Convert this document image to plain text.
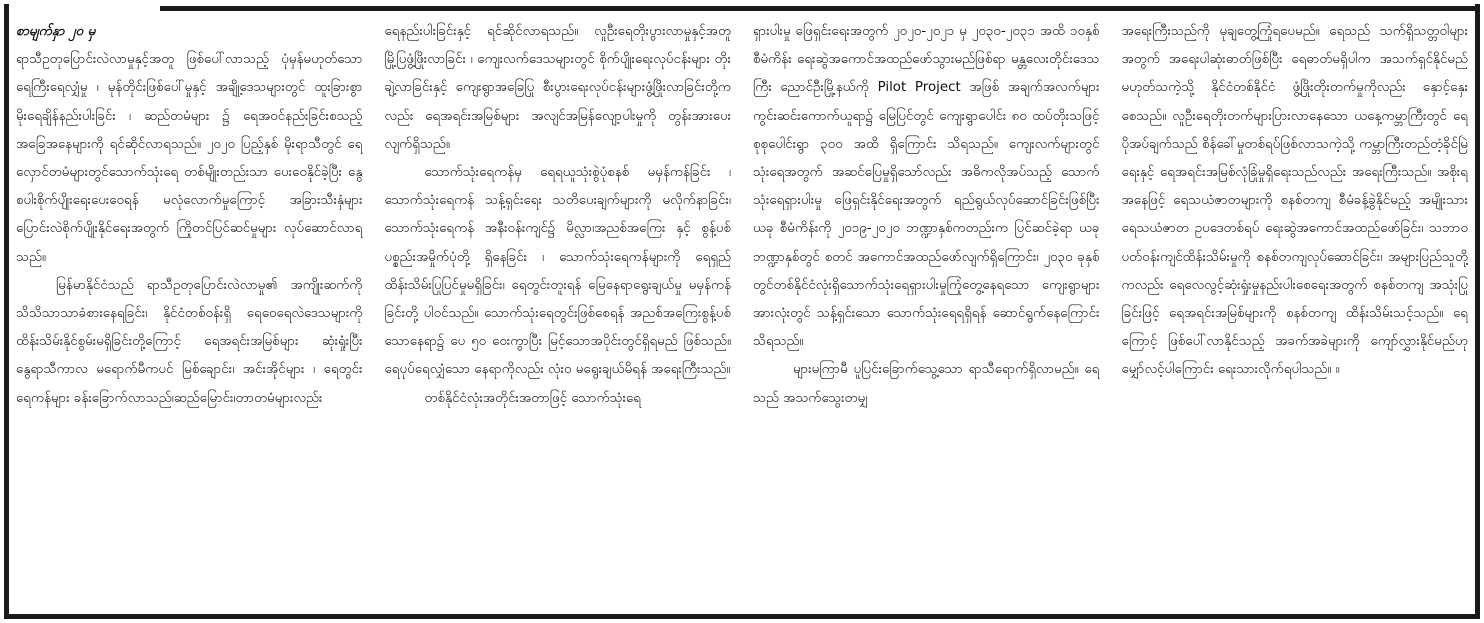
စာမျက်နှာ ၂၀ မှ

ရာသီဥတုပြောင်းလဲလာမှုနှင့်အတူ ဖြစ်ပေါ်လာသည့် ပုံမှန်မဟုတ်သော ရေကြီးရေလျှံမှု ၊ မုန်တိုင်းဖြစ်ပေါ်မှုနှင့် အချို့ဒေသများတွင် ထူးခြားစွာ မိုးရေချိန်နည်းပါးခြင်း ၊ ဆည်တမံများ ၌ ရေအဝင်နည်းခြင်းစသည့်အခြေအနေများကို ရင်ဆိုင်လာရသည်။ ၂၀၂၀ ပြည့်နှစ် မိုးရာသီတွင် ရေလှောင်တမံများတွင်သောက်သုံးရေ တစ်မျိုးတည်းသာ ပေးဝေနိုင်ခဲ့ပြီး နွေစပါးစိုက်ပျိုးရေးပေးဝေရန် မလုံလောက်မှုကြောင့် အခြားသီးနှံများ ပြောင်းလဲစိုက်ပျိုးနိုင်ရေးအတွက် ကြိုတင်ပြင်ဆင်မှုများ လုပ်ဆောင်လာရသည်။

မြန်မာနိုင်ငံသည် ရာသီဥတုပြောင်းလဲလာမှု၏ အကျိုးဆက်ကို သိသိသာသာခံစားနေရခြင်း၊ နိုင်ငံတစ်ဝန်းရှိ ရေဝေရေလဲဒေသများကို ထိန်းသိမ်းနိုင်စွမ်းမရှိခြင်းတို့ကြောင့် ရေအရင်းအမြစ်များ ဆုံးရှုံးပြီး နွေရာသီကာလ မရောက်မီကပင် မြစ်ချောင်း၊ အင်းအိုင်များ ၊ ရေတွင်းရေကန်များ ခန်းခြောက်လာသည်၊ဆည်မြောင်း၊တာတမံများလည်း

ရေနည်းပါးခြင်းနှင့် ရင်ဆိုင်လာရသည်။ လူဦးရေတိုးပွားလာမှုနှင့်အတူ မြို့ပြဖွံ့ဖြိုးလာခြင်း ၊ ကျေးလက်ဒေသများတွင် စိုက်ပျိုးရေးလုပ်ငန်းများ တိုးချဲ့လာခြင်းနှင့် ကျေးရွာအခြေပြု စီးပွားရေးလုပ်ငန်းများဖွံ့ဖြိုးလာခြင်းတို့ကလည်း ရေအရင်းအမြစ်များ အလျင်အမြန်လျော့ပါးမှုကို တွန်းအားပေးလျက်ရှိသည်။

သောက်သုံးရေကန်မှ ရေရယူသုံးစွဲပုံစနစ် မမှန်ကန်ခြင်း ၊ သောက်သုံးရေကန် သန့်ရှင်းရေး သတိပေးချက်များကို မလိုက်နာခြင်း၊ သောက်သုံးရေကန် အနီးဝန်းကျင်၌ မိလ္လာ၊အညစ်အကြေး နှင့် စွန့်ပစ်ပစ္စည်းအမှိုက်ပုံတို့ ရှိနေခြင်း ၊ သောက်သုံးရေကန်များကို ရေရှည်ထိန်းသိမ်းပြုပြင်မှုမရှိခြင်း၊ ရေတွင်းတူးရန် မြေနေရာရွေးချယ်မှု မမှန်ကန်ခြင်းတို့ ပါဝင်သည်။ သောက်သုံးရေတွင်းဖြစ်စေရန် အညစ်အကြေးစွန့်ပစ်သောနေရာ၌ ပေ ၅၀ ဝေးကွာပြီး မြင့်သောအပိုင်းတွင်ရှိရမည် ဖြစ်သည်။ ရေပုပ်ရေလျှံသော နေရာကိုလည်း လုံးဝ မရွေးချယ်မိရန် အရေးကြီးသည်။

တစ်နိုင်ငံလုံးအတိုင်းအတာဖြင့် သောက်သုံးရေ

ရှားပါးမှု ဖြေရှင်းရေးအတွက် ၂၀၂၀-၂၀၂၁ မှ ၂၀၃၀-၂၀၃၁ အထိ ၁၀နှစ်စီမံကိန်း ရေးဆွဲအကောင်အထည်ဖော်သွားမည်ဖြစ်ရာ မန္တလေးတိုင်းဒေသကြီး ညောင်ဦးမြို့နယ်ကို Pilot Project အဖြစ် အချက်အလက်များ ကွင်းဆင်းကောက်ယူရာ၌ မြေပြင်တွင် ကျေးရွာပေါင်း ၈၀ ထပ်တိုးသဖြင့် စုစုပေါင်းရွာ ၃၀၀ အထိ ရှိကြောင်း သိရသည်။ ကျေးလက်များတွင် သုံးရေအတွက် အဆင်ပြေမှုရှိသော်လည်း အဓိကလိုအပ်သည့် သောက်သုံးရေရှားပါးမှု ဖြေရှင်းနိုင်ရေးအတွက် ရည်ရွယ်လုပ်ဆောင်ခြင်းဖြစ်ပြီး ယခု စီမံကိန်းကို ၂၀၁၉-၂၀၂၀ ဘဏ္ဍာနှစ်ကတည်းက ပြင်ဆင်ခဲ့ရာ ယခုဘဏ္ဍာနှစ်တွင် စတင် အကောင်အထည်ဖော်လျက်ရှိကြောင်း၊ ၂၀၃၀ ခုနှစ်တွင်တစ်နိုင်ငံလုံးရှိသောက်သုံးရေရှားပါးမှုကြုံတွေ့နေရသော ကျေးရွာများအားလုံးတွင် သန့်ရှင်းသော သောက်သုံးရေရရှိရန် ဆောင်ရွက်နေကြောင်း သိရသည်။

များမကြာမီ ပူပြင်းခြောက်သွေ့သော ရာသီရောက်ရှိလာမည်။ ရေသည် အသက်သွေးတမျှ

အရေးကြီးသည်ကို မုချတွေ့ကြုံရပေမည်။ ရေသည် သက်ရှိသတ္တဝါများအတွက် အရေးပါဆုံးဓာတ်ဖြစ်ပြီး ရေဓာတ်မရှိပါက အသက်ရှင်နိုင်မည်မဟုတ်သကဲ့သို့ နိုင်ငံတစ်နိုင်ငံ ဖွံ့ဖြိုးတိုးတက်မှုကိုလည်း နှောင့်နှေးစေသည်။ လူဦးရေတိုးတက်များပြားလာနေသော ယနေ့ကမ္ဘာကြီးတွင် ရေပိုအပ်ချက်သည် စိန်ခေါ်မှုတစ်ရပ်ဖြစ်လာသကဲ့သို့ ကမ္ဘာကြီးတည်တံ့ခိုင်မြဲရေးနှင့် ရေအရင်းအမြစ်လုံခြုံမှုရှိရေးသည်လည်း အရေးကြီးသည်။ အစိုးရအနေဖြင့် ရေသယံဇာတများကို စနစ်တကျ စီမံခန့်ခွဲနိုင်မည့် အမျိုးသားရေသယံဇာတ ဥပဒေတစ်ရပ် ရေးဆွဲအကောင်အထည်ဖော်ခြင်း၊ သဘာဝပတ်ဝန်းကျင်ထိန်းသိမ်းမှုကို စနစ်တကျလုပ်ဆောင်ခြင်း၊ အများပြည်သူတို့ကလည်း ရေလေလွင့်ဆုံးရှုံးမှုနည်းပါးစေရေးအတွက် စနစ်တကျ အသုံးပြုခြင်းဖြင့် ရေအရင်းအမြစ်များကို စနစ်တကျ ထိန်းသိမ်းသင့်သည်။ ရေကြောင့် ဖြစ်ပေါ်လာနိုင်သည့် အခက်အခဲများကို ကျော်လွှားနိုင်မည်ဟု မျှော်လင့်ပါကြောင်း ရေးသားလိုက်ရပါသည်။ ။
